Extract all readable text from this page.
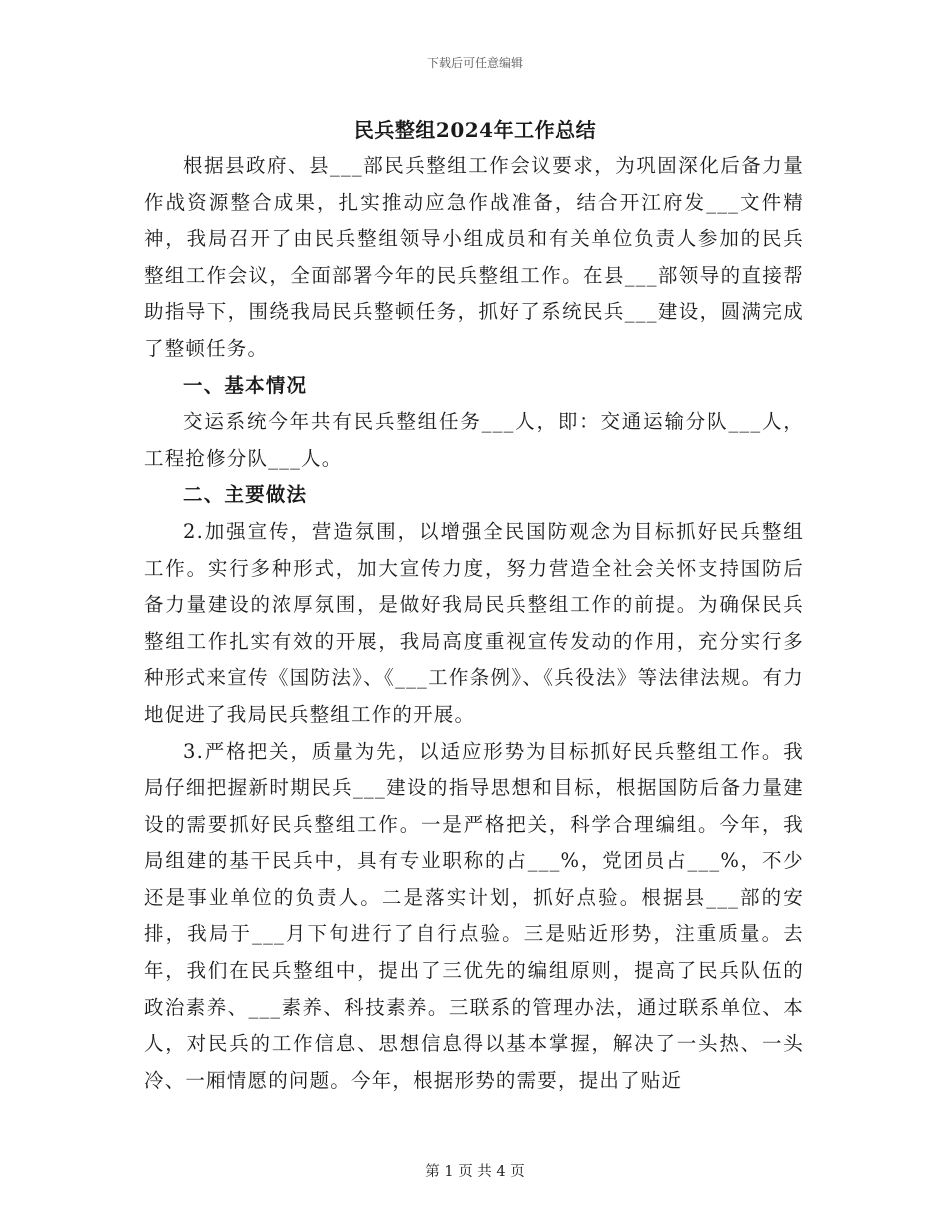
下载后可任意编辑
民兵整组2024年工作总结

根据县政府、县___部民兵整组工作会议要求，为巩固深化后备力量作战资源整合成果，扎实推动应急作战准备，结合开江府发___文件精神，我局召开了由民兵整组领导小组成员和有关单位负责人参加的民兵整组工作会议，全面部署今年的民兵整组工作。在县___部领导的直接帮助指导下，围绕我局民兵整顿任务，抓好了系统民兵___建设，圆满完成了整顿任务。

一、基本情况

交运系统今年共有民兵整组任务___人，即：交通运输分队___人，工程抢修分队___人。

二、主要做法

2.加强宣传，营造氛围，以增强全民国防观念为目标抓好民兵整组工作。实行多种形式，加大宣传力度，努力营造全社会关怀支持国防后备力量建设的浓厚氛围，是做好我局民兵整组工作的前提。为确保民兵整组工作扎实有效的开展，我局高度重视宣传发动的作用，充分实行多种形式来宣传《国防法》、《___工作条例》、《兵役法》等法律法规。有力地促进了我局民兵整组工作的开展。

3.严格把关，质量为先，以适应形势为目标抓好民兵整组工作。我局仔细把握新时期民兵___建设的指导思想和目标，根据国防后备力量建设的需要抓好民兵整组工作。一是严格把关，科学合理编组。今年，我局组建的基干民兵中，具有专业职称的占___%，党团员占___%，不少还是事业单位的负责人。二是落实计划，抓好点验。根据县___部的安排，我局于___月下旬进行了自行点验。三是贴近形势，注重质量。去年，我们在民兵整组中，提出了三优先的编组原则，提高了民兵队伍的政治素养、___素养、科技素养。三联系的管理办法，通过联系单位、本人，对民兵的工作信息、思想信息得以基本掌握，解决了一头热、一头冷、一厢情愿的问题。今年，根据形势的需要，提出了贴近

第 1 页 共 4 页
